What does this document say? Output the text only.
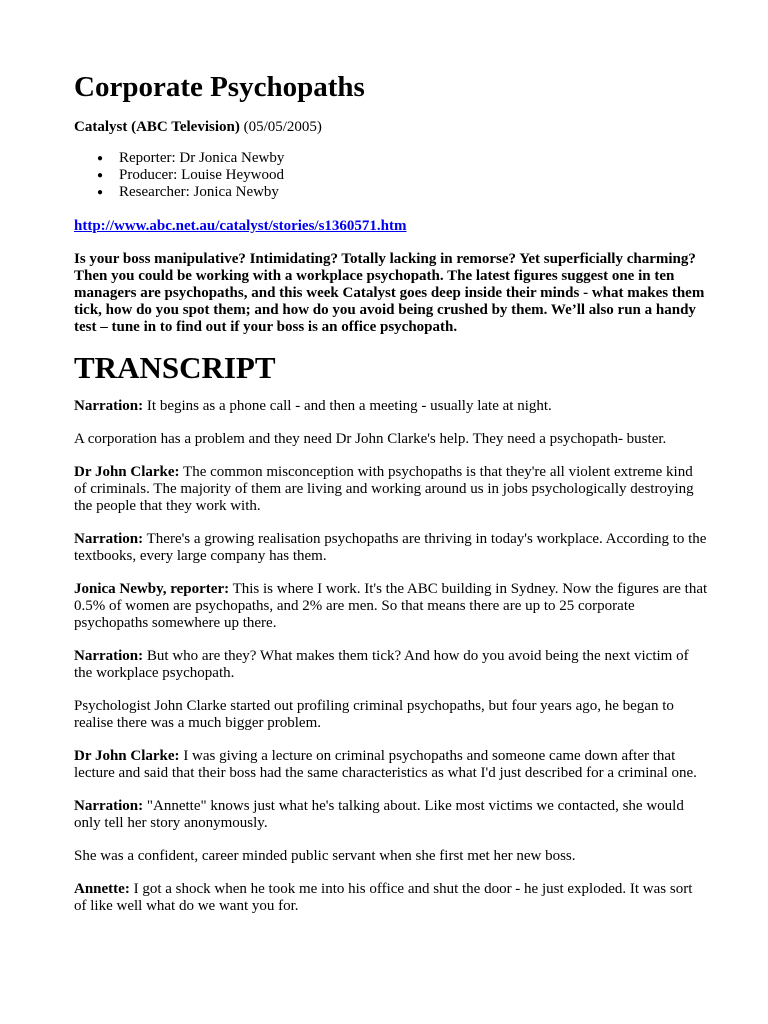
Corporate Psychopaths
Catalyst (ABC Television) (05/05/2005)
● Reporter: Dr Jonica Newby
● Producer: Louise Heywood
● Researcher: Jonica Newby
http://www.abc.net.au/catalyst/stories/s1360571.htm

Is your boss manipulative? Intimidating? Totally lacking in remorse? Yet superficially charming? Then you could be working with a workplace psychopath. The latest figures suggest one in ten managers are psychopaths, and this week Catalyst goes deep inside their minds - what makes them tick, how do you spot them; and how do you avoid being crushed by them. We’ll also run a handy test – tune in to find out if your boss is an office psychopath.

TRANSCRIPT

Narration: It begins as a phone call - and then a meeting - usually late at night.

A corporation has a problem and they need Dr John Clarke's help. They need a psychopath- buster.

Dr John Clarke: The common misconception with psychopaths is that they're all violent extreme kind of criminals. The majority of them are living and working around us in jobs psychologically destroying the people that they work with.

Narration: There's a growing realisation psychopaths are thriving in today's workplace. According to the textbooks, every large company has them.

Jonica Newby, reporter: This is where I work. It's the ABC building in Sydney. Now the figures are that 0.5% of women are psychopaths, and 2% are men. So that means there are up to 25 corporate psychopaths somewhere up there.

Narration: But who are they? What makes them tick? And how do you avoid being the next victim of the workplace psychopath.

Psychologist John Clarke started out profiling criminal psychopaths, but four years ago, he began to realise there was a much bigger problem.

Dr John Clarke: I was giving a lecture on criminal psychopaths and someone came down after that lecture and said that their boss had the same characteristics as what I'd just described for a criminal one.

Narration: "Annette" knows just what he's talking about. Like most victims we contacted, she would only tell her story anonymously.

She was a confident, career minded public servant when she first met her new boss.

Annette: I got a shock when he took me into his office and shut the door - he just exploded. It was sort of like well what do we want you for.
